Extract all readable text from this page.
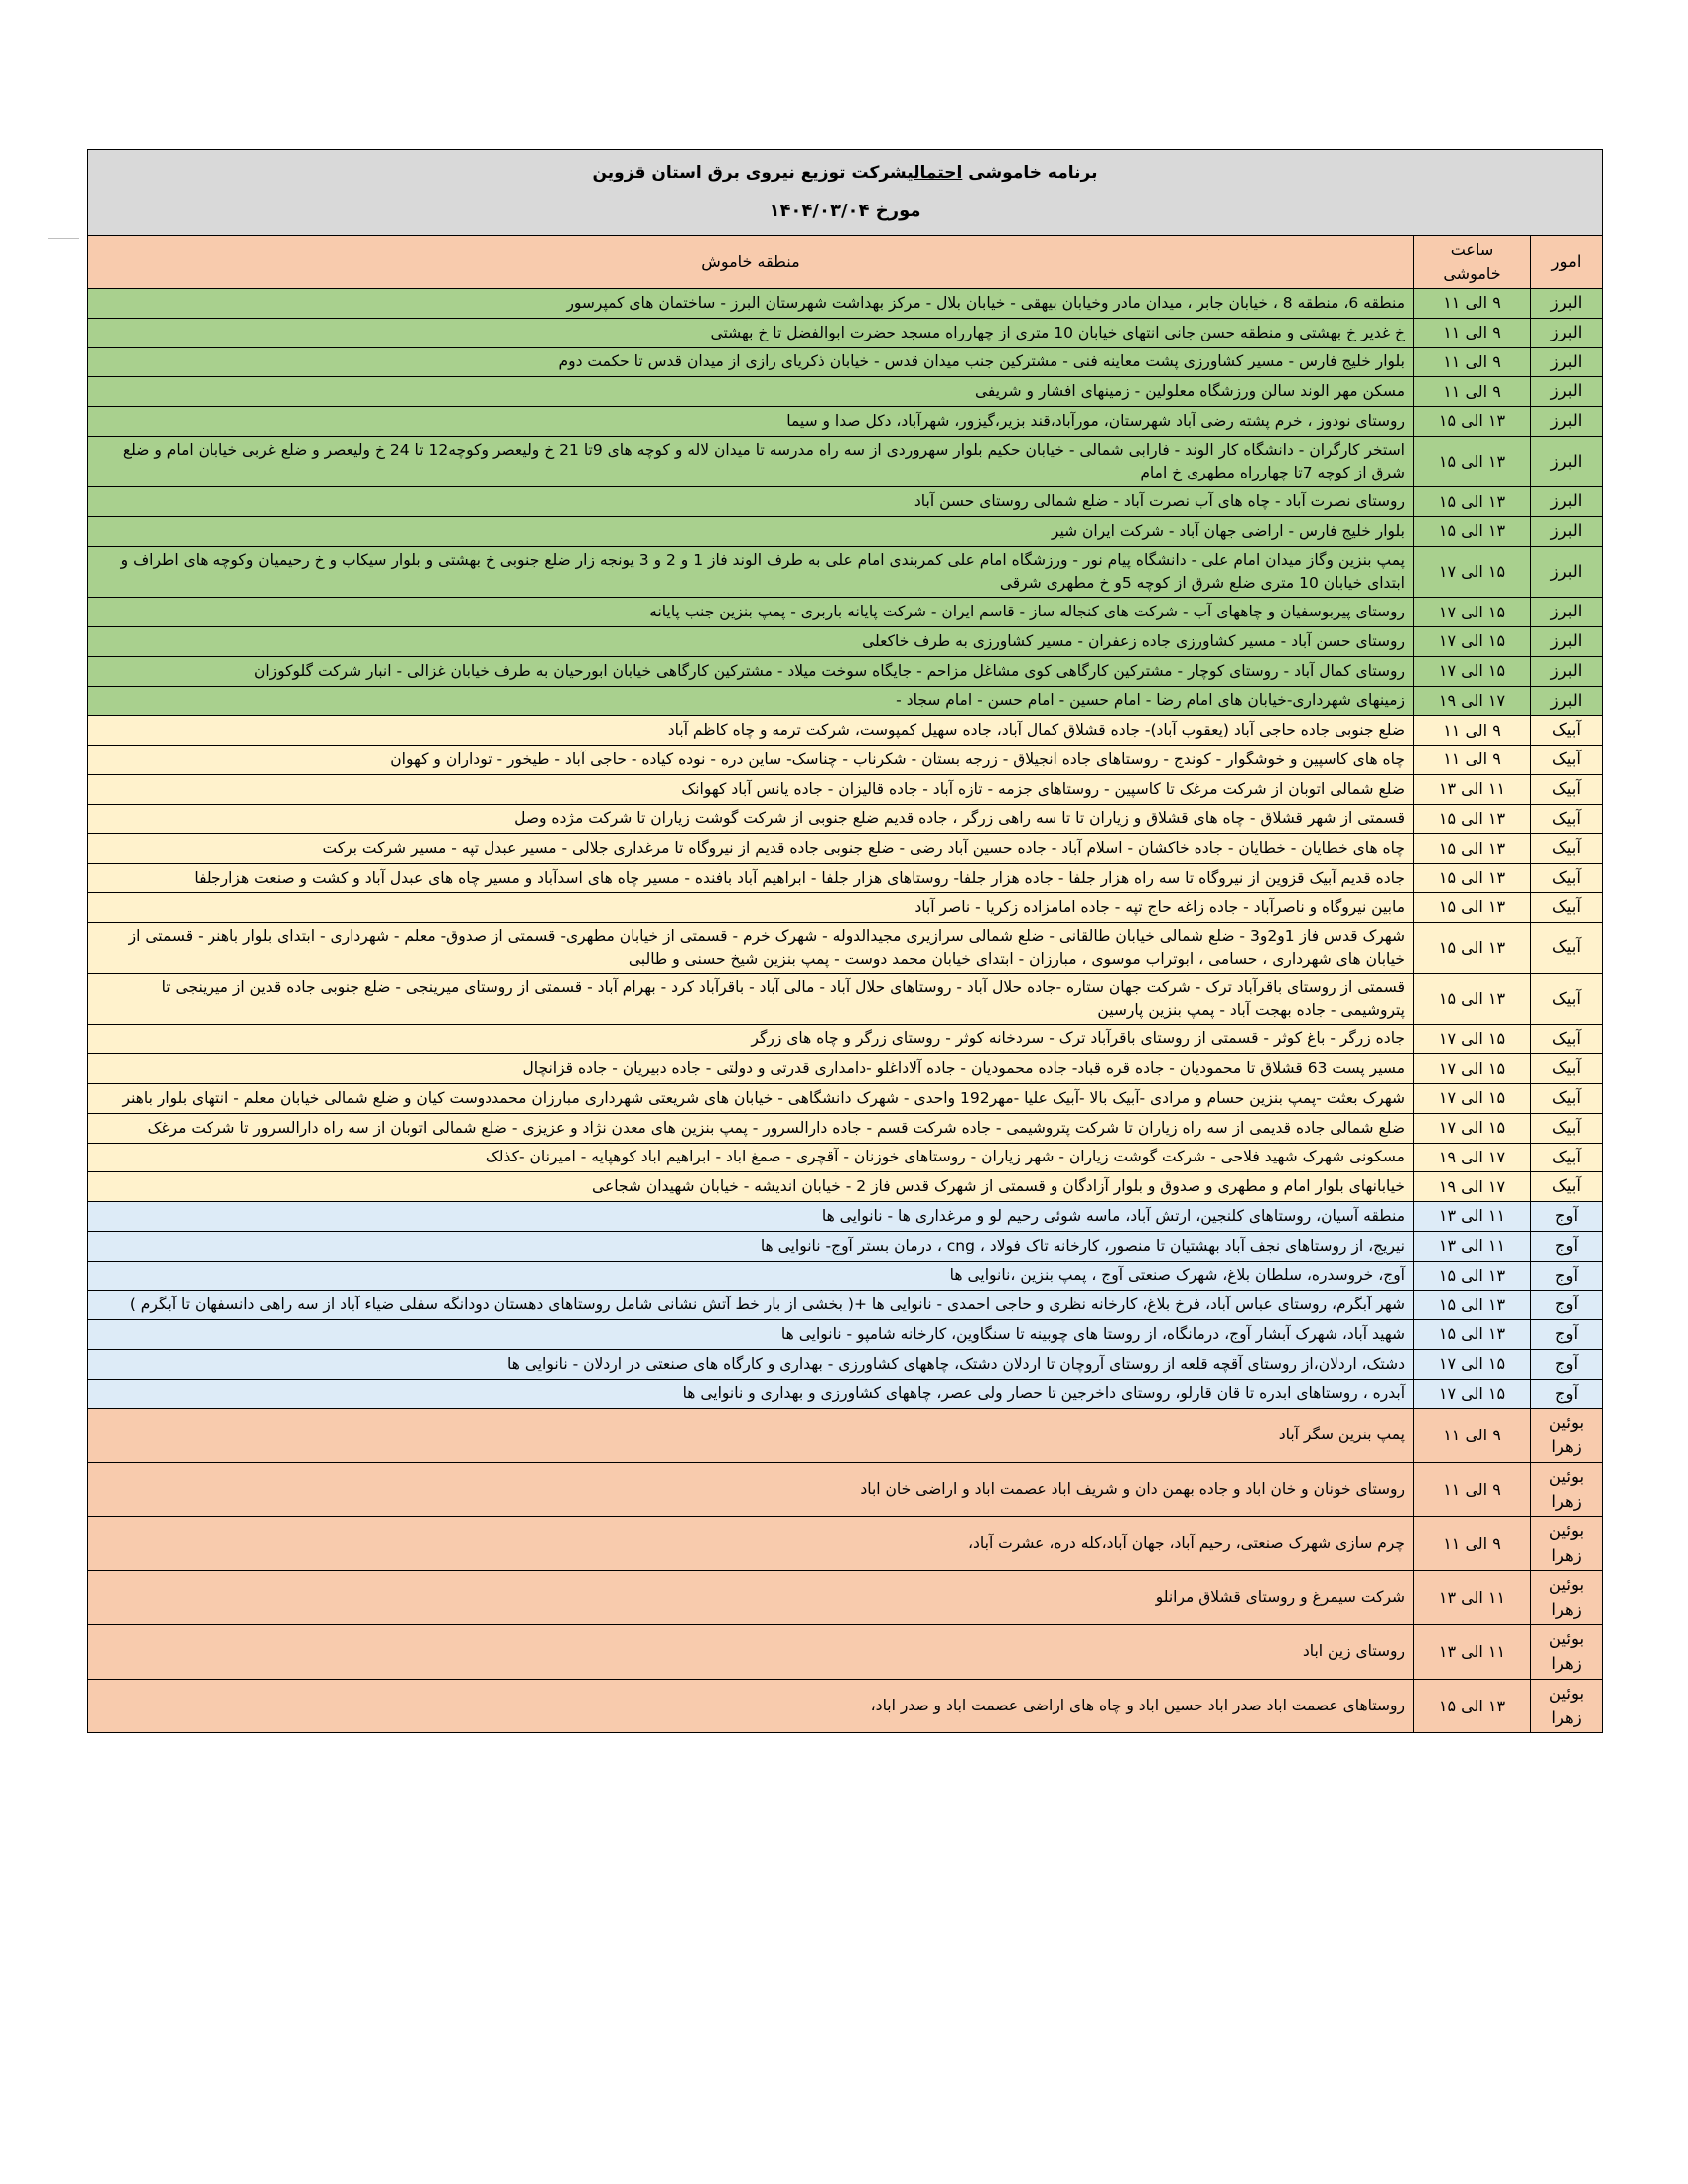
برنامه خاموشی احتمالیشرکت توزیع نیروی برق استان قزوین
مورخ ۱۴۰۴/۰۳/۰۴		

امور	ساعت خاموشی	منطقه خاموش
البرز	۹ الی ۱۱	منطقه 6، منطقه 8 ، خیابان جابر ، میدان مادر وخیابان بیهقی - خیابان بلال - مرکز بهداشت شهرستان البرز - ساختمان های کمپرسور
البرز	۹ الی ۱۱	خ غدیر خ بهشتی و منطقه حسن جانی انتهای خیابان 10 متری از چهارراه مسجد حضرت ابوالفضل تا خ بهشتی
البرز	۹ الی ۱۱	بلوار خلیج فارس - مسیر کشاورزی پشت معاینه فنی - مشترکین جنب میدان قدس - خیابان ذکریای رازی از میدان قدس تا حکمت دوم
البرز	۹ الی ۱۱	مسکن مهر الوند سالن ورزشگاه معلولین - زمینهای افشار و شریفی
البرز	۱۳ الی ۱۵	روستای نودوز ، خرم پشته رضی آباد شهرستان، مورآباد،قند بزیر،گیزور، شهرآباد، دکل صدا و سیما
البرز	۱۳ الی ۱۵	استخر کارگران - دانشگاه کار الوند - فارابی شمالی - خیابان حکیم بلوار سهروردی از سه راه مدرسه تا میدان لاله و کوچه های 9تا 21 خ ولیعصر وکوچه12 تا 24 خ ولیعصر و ضلع غربی خیابان امام و ضلع شرق از کوچه 7تا چهارراه مطهری خ امام
البرز	۱۳ الی ۱۵	روستای نصرت آباد - چاه های آب نصرت آباد - ضلع شمالی روستای حسن آباد
البرز	۱۳ الی ۱۵	بلوار خلیج فارس - اراضی جهان آباد - شرکت ایران شیر
البرز	۱۵ الی ۱۷	پمپ بنزین وگاز میدان امام علی - دانشگاه پیام نور - ورزشگاه امام علی کمربندی امام علی به طرف الوند فاز 1 و 2 و 3 یونجه زار ضلع جنوبی خ بهشتی و بلوار سیکاب و خ رحیمیان وکوچه های اطراف و ابتدای خیابان 10 متری ضلع شرق از کوچه 5و خ مطهری شرقی
البرز	۱۵ الی ۱۷	روستای پیربوسفیان و چاههای آب - شرکت های کنجاله ساز - قاسم ایران - شرکت پایانه باربری - پمپ بنزین جنب پایانه
البرز	۱۵ الی ۱۷	روستای حسن آباد - مسیر کشاورزی جاده زعفران - مسیر کشاورزی به طرف خاکعلی
البرز	۱۵ الی ۱۷	روستای کمال آباد - روستای کوچار - مشترکین کارگاهی کوی مشاغل مزاحم - جایگاه سوخت میلاد - مشترکین کارگاهی خیابان ابورحیان به طرف خیابان غزالی - انبار شرکت گلوکوزان
البرز	۱۷ الی ۱۹	زمینهای شهرداری-خیابان های امام رضا - امام حسین - امام حسن - امام سجاد -
آبیک	۹ الی ۱۱	ضلع جنوبی جاده حاجی آباد (یعقوب آباد)- جاده قشلاق کمال آباد، جاده سهیل کمپوست، شرکت ترمه و چاه کاظم آباد
آبیک	۹ الی ۱۱	چاه های کاسپین و خوشگوار - کوندج - روستاهای جاده انجیلاق - زرجه بستان - شکرناب - چناسک- ساین دره - نوده کیاده - حاجی آباد - طیخور - توداران و کهوان
آبیک	۱۱ الی ۱۳	ضلع شمالی اتوبان از شرکت مرغک تا کاسپین - روستاهای جزمه - تازه آباد - جاده قالیزان - جاده یانس آباد کهوانک
آبیک	۱۳ الی ۱۵	قسمتی از شهر قشلاق - چاه های قشلاق و زیاران تا تا سه راهی زرگر ، جاده قدیم ضلع جنوبی از شرکت گوشت زیاران تا شرکت مژده وصل
آبیک	۱۳ الی ۱۵	چاه های خطایان - خطایان - جاده خاکشان - اسلام آباد - جاده حسین آباد رضی - ضلع جنوبی جاده قدیم از نیروگاه تا مرغداری جلالی - مسیر عبدل تپه - مسیر شرکت برکت
آبیک	۱۳ الی ۱۵	جاده قدیم آبیک قزوین از نیروگاه تا سه راه هزار جلفا - جاده هزار جلفا- روستاهای هزار جلفا - ابراهیم آباد بافنده - مسیر چاه های اسدآباد و مسیر چاه های عبدل آباد و کشت و صنعت هزارجلفا
آبیک	۱۳ الی ۱۵	مابین نیروگاه و ناصرآباد - جاده زاغه حاج تپه - جاده امامزاده زکریا - ناصر آباد
آبیک	۱۳ الی ۱۵	شهرک قدس فاز 1و2و3 - ضلع شمالی خیابان طالقانی - ضلع شمالی سرازیری مجیدالدوله - شهرک خرم - قسمتی از خیابان مطهری- قسمتی از صدوق- معلم - شهرداری - ابتدای بلوار باهنر - قسمتی از خیابان های شهرداری ، حسامی ، ابوتراب موسوی ، مبارزان - ابتدای خیابان محمد دوست - پمپ بنزین شیخ حسنی و طالبی
آبیک	۱۳ الی ۱۵	قسمتی از روستای باقرآباد ترک - شرکت جهان ستاره -جاده حلال آباد - روستاهای حلال آباد - مالی آباد - باقرآباد کرد - بهرام آباد - قسمتی از روستای میرینجی - ضلع جنوبی جاده قدین از میرینجی تا پتروشیمی - جاده بهجت آباد - پمپ بنزین پارسین
آبیک	۱۵ الی ۱۷	جاده زرگر - باغ کوثر - قسمتی از روستای باقرآباد ترک - سردخانه کوثر - روستای زرگر و چاه های زرگر
آبیک	۱۵ الی ۱۷	مسیر پست 63 قشلاق تا محمودیان - جاده قره قباد- جاده محمودیان - جاده آلاداغلو -دامداری قدرتی و دولتی - جاده دبیریان - جاده قزانچال
آبیک	۱۵ الی ۱۷	شهرک بعثت -پمپ بنزین حسام و مرادی -آبیک بالا -آبیک علیا -مهر192 واحدی - شهرک دانشگاهی - خیابان های شریعتی شهرداری مبارزان محمددوست کیان و ضلع شمالی خیابان معلم - انتهای بلوار باهنر
آبیک	۱۵ الی ۱۷	ضلع شمالی جاده قدیمی از سه راه زیاران تا شرکت پتروشیمی - جاده شرکت قسم - جاده دارالسرور - پمپ بنزین های معدن نژاد و عزیزی - ضلع شمالی اتوبان از سه راه دارالسرور تا شرکت مرغک
آبیک	۱۷ الی ۱۹	مسکونی شهرک شهید فلاحی - شرکت گوشت زیاران - شهر زیاران - روستاهای خوزنان - آقچری - صمغ اباد - ابراهیم اباد کوهپایه - امیرنان -کذلک
آبیک	۱۷ الی ۱۹	خیابانهای بلوار امام و مطهری و صدوق و بلوار آزادگان و قسمتی از شهرک قدس فاز 2 - خیابان اندیشه - خیابان شهیدان شجاعی
آوج	۱۱ الی ۱۳	منطقه آسیان، روستاهای کلنجین، ارتش آباد، ماسه شوئی رحیم لو و مرغداری ها - نانوایی ها
آوج	۱۱ الی ۱۳	نیریج، از روستاهای نجف آباد بهشتیان تا منصور، کارخانه تاک فولاد ، cng ، درمان بستر آوج- نانوایی ها
آوج	۱۳ الی ۱۵	آوج، خروسدره، سلطان بلاغ، شهرک صنعتی آوج ، پمپ بنزین ،نانوایی ها
آوج	۱۳ الی ۱۵	شهر آبگرم، روستای عباس آباد، فرخ بلاغ، کارخانه نظری و حاجی احمدی - نانوایی ها +( بخشی از بار خط آتش نشانی شامل روستاهای دهستان دودانگه سفلی ضیاء آباد از سه راهی دانسفهان تا آبگرم )
آوج	۱۳ الی ۱۵	شهید آباد، شهرک آبشار آوج، درمانگاه، از روستا های چوبینه تا سنگاوین، کارخانه شامپو - نانوایی ها
آوج	۱۵ الی ۱۷	دشتک، اردلان،از روستای آقچه قلعه از روستای آروچان تا اردلان دشتک، چاههای کشاورزی - بهداری و کارگاه های صنعتی در اردلان - نانوایی ها
آوج	۱۵ الی ۱۷	آبدره ، روستاهای ابدره تا قان قارلو، روستای داخرجین تا حصار ولی عصر، چاههای کشاورزی و بهداری و نانوایی ها
بوئین زهرا	۹ الی ۱۱	پمپ بنزین سگز آباد
بوئین زهرا	۹ الی ۱۱	روستای خونان و خان اباد و جاده بهمن دان و شریف اباد عصمت اباد و اراضی خان اباد
بوئین زهرا	۹ الی ۱۱	چرم سازی شهرک صنعتی، رحیم آباد، جهان آباد،کله دره، عشرت آباد،
بوئین زهرا	۱۱ الی ۱۳	شرکت سیمرغ و روستای قشلاق مرانلو
بوئین زهرا	۱۱ الی ۱۳	روستای زین اباد
بوئین زهرا	۱۳ الی ۱۵	روستاهای عصمت اباد صدر اباد حسین اباد و چاه های اراضی عصمت اباد و صدر اباد،
